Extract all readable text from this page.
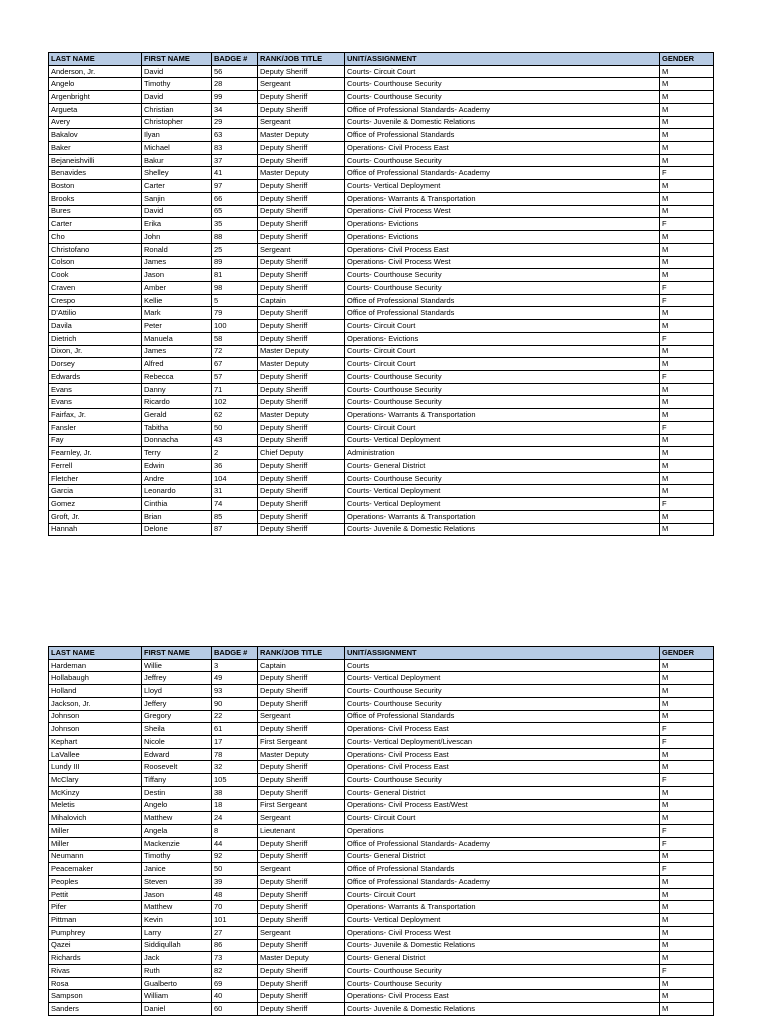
LAST NAME	FIRST NAME	BADGE #	RANK/JOB TITLE	UNIT/ASSIGNMENT	GENDER
Anderson, Jr.	David	56	Deputy Sheriff	Courts- Circuit Court	M
Angelo	Timothy	28	Sergeant	Courts- Courthouse Security	M
Argenbright	David	99	Deputy Sheriff	Courts- Courthouse Security	M
Argueta	Christian	34	Deputy Sheriff	Office of Professional Standards- Academy	M
Avery	Christopher	29	Sergeant	Courts- Juvenile & Domestic Relations	M
Bakalov	Ilyan	63	Master Deputy	Office of Professional Standards	M
Baker	Michael	83	Deputy Sheriff	Operations- Civil Process East	M
Bejaneishvilli	Bakur	37	Deputy Sheriff	Courts- Courthouse Security	M
Benavides	Shelley	41	Master Deputy	Office of Professional Standards- Academy	F
Boston	Carter	97	Deputy Sheriff	Courts- Vertical Deployment	M
Brooks	Sanjin	66	Deputy Sheriff	Operations- Warrants & Transportation	M
Bures	David	65	Deputy Sheriff	Operations- Civil Process West	M
Carter	Erika	35	Deputy Sheriff	Operations- Evictions	F
Cho	John	88	Deputy Sheriff	Operations- Evictions	M
Christofano	Ronald	25	Sergeant	Operations- Civil Process East	M
Colson	James	89	Deputy Sheriff	Operations- Civil Process West	M
Cook	Jason	81	Deputy Sheriff	Courts- Courthouse Security	M
Craven	Amber	98	Deputy Sheriff	Courts- Courthouse Security	F
Crespo	Kellie	5	Captain	Office of Professional Standards	F
D'Attilio	Mark	79	Deputy Sheriff	Office of Professional Standards	M
Davila	Peter	100	Deputy Sheriff	Courts- Circuit Court	M
Dietrich	Manuela	58	Deputy Sheriff	Operations- Evictions	F
Dixon, Jr.	James	72	Master Deputy	Courts- Circuit Court	M
Dorsey	Alfred	67	Master Deputy	Courts- Circuit Court	M
Edwards	Rebecca	57	Deputy Sheriff	Courts- Courthouse Security	F
Evans	Danny	71	Deputy Sheriff	Courts- Courthouse Security	M
Evans	Ricardo	102	Deputy Sheriff	Courts- Courthouse Security	M
Fairfax, Jr.	Gerald	62	Master Deputy	Operations- Warrants & Transportation	M
Fansler	Tabitha	50	Deputy Sheriff	Courts- Circuit Court	F
Fay	Donnacha	43	Deputy Sheriff	Courts- Vertical Deployment	M
Fearnley, Jr.	Terry	2	Chief Deputy	Administration	M
Ferrell	Edwin	36	Deputy Sheriff	Courts- General District	M
Fletcher	Andre	104	Deputy Sheriff	Courts- Courthouse Security	M
Garcia	Leonardo	31	Deputy Sheriff	Courts- Vertical Deployment	M
Gomez	Cinthia	74	Deputy Sheriff	Courts- Vertical Deployment	F
Groft, Jr.	Brian	85	Deputy Sheriff	Operations- Warrants & Transportation	M
Hannah	Delone	87	Deputy Sheriff	Courts- Juvenile & Domestic Relations	M
LAST NAME	FIRST NAME	BADGE #	RANK/JOB TITLE	UNIT/ASSIGNMENT	GENDER
Hardeman	Willie	3	Captain	Courts	M
Hollabaugh	Jeffrey	49	Deputy Sheriff	Courts- Vertical Deployment	M
Holland	Lloyd	93	Deputy Sheriff	Courts- Courthouse Security	M
Jackson, Jr.	Jeffery	90	Deputy Sheriff	Courts- Courthouse Security	M
Johnson	Gregory	22	Sergeant	Office of Professional Standards	M
Johnson	Sheila	61	Deputy Sheriff	Operations- Civil Process East	F
Kephart	Nicole	17	First Sergeant	Courts- Vertical Deployment/Livescan	F
LaVallee	Edward	78	Master Deputy	Operations- Civil Process East	M
Lundy III	Roosevelt	32	Deputy Sheriff	Operations- Civil Process East	M
McClary	Tiffany	105	Deputy Sheriff	Courts- Courthouse Security	F
McKinzy	Destin	38	Deputy Sheriff	Courts- General District	M
Meletis	Angelo	18	First Sergeant	Operations- Civil Process East/West	M
Mihalovich	Matthew	24	Sergeant	Courts- Circuit Court	M
Miller	Angela	8	Lieutenant	Operations	F
Miller	Mackenzie	44	Deputy Sheriff	Office of Professional Standards- Academy	F
Neumann	Timothy	92	Deputy Sheriff	Courts- General District	M
Peacemaker	Janice	50	Sergeant	Office of Professional Standards	F
Peoples	Steven	39	Deputy Sheriff	Office of Professional Standards- Academy	M
Pettit	Jason	48	Deputy Sheriff	Courts- Circuit Court	M
Pifer	Matthew	70	Deputy Sheriff	Operations- Warrants & Transportation	M
Pittman	Kevin	101	Deputy Sheriff	Courts- Vertical Deployment	M
Pumphrey	Larry	27	Sergeant	Operations- Civil Process West	M
Qazei	Siddiqullah	86	Deputy Sheriff	Courts- Juvenile & Domestic Relations	M
Richards	Jack	73	Master Deputy	Courts- General District	M
Rivas	Ruth	82	Deputy Sheriff	Courts- Courthouse Security	F
Rosa	Gualberto	69	Deputy Sheriff	Courts- Courthouse Security	M
Sampson	William	40	Deputy Sheriff	Operations- Civil Process East	M
Sanders	Daniel	60	Deputy Sheriff	Courts- Juvenile & Domestic Relations	M
